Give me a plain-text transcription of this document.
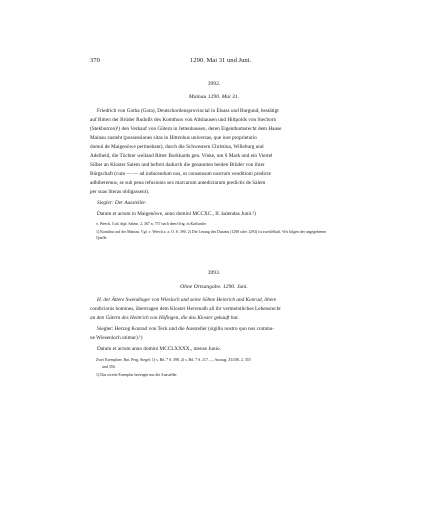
370	1290. Mai 31 und Juni.
3992.
Mainau 1290. Mai 31.

Friedrich von Gotha (Gota), Deutschordensprovincial in Elsass und Burgund, bestätigt

auf Bitten der Brüder Rudolfs des Komthurs von Altshausen und Hiltpolds von Stecborn

(Stekborron)¹) den Verkauf von Gütern in Jettenhausen, deren Eigenthumsrecht dem Hause

Mainau zusteht (possessiones sitas in Hittenhus universas, que iure proprietario

domui de Maigenöwe pertinebant), durch die Schwestern Christina, Willeburg und

Adelheid, die Töchter weiland Ritter Burkhards gen. Vinke, um 6 Mark und ein Viertel

Silber an Kloster Salem und befreit dadurch die genannten beiden Brüder von ihrer

Bürgschaft (cum — — ad inducendum nos, ut consensum nostrum venditioni predicte

adhiberemus, se sub pena refusionis sex marcarum antedictarum predictis de Salem

per suas literas obligassent).

Siegler: Der Aussteller.

Datum et actum in Maigenöwe, anno domini MCCXC., II. kalendas Junii.²)

v. Weech, Cod. dipl. Salem. 2, 367 n. 757 nach dem Orig. in Karlsruhe.

1) Komthur auf der Mainau. Vgl. v. Weech a. a. O. S. 390. 2) Die Lesung des Datums (1290 oder 1293) ist zweifelhaft. Wir folgen der angegebenen Quelle.

3993.
Ohne Ortsangabe. 1290. Juni.

H. der Ältere Swendinger von Wiesloch und seine Söhne Heinrich und Konrad, libere

condicionis homines, übertragen dem Kloster Herrenalb all ihr vermeintliches Lehensrecht

an den Gütern des Heinrich von Höfingen, die das Kloster gekauft hat.

Siegler: Herzog Konrad von Teck und die Aussteller (sigillo nostro quo nos commu-

ne Wiesenloch utimur).¹)

Datum et actum anno domini MCCLXXXX., mense Junio.

Zwei Exemplare. Bai. Perg. Siegel: 1) s. Bd. 7 S. 398. 2) s. Bd. 7 S. 217. — Auszug: ZGOR. 2, 355

und 356.

1) Das zweite Exemplar bezeugte nur die Aussteller.
